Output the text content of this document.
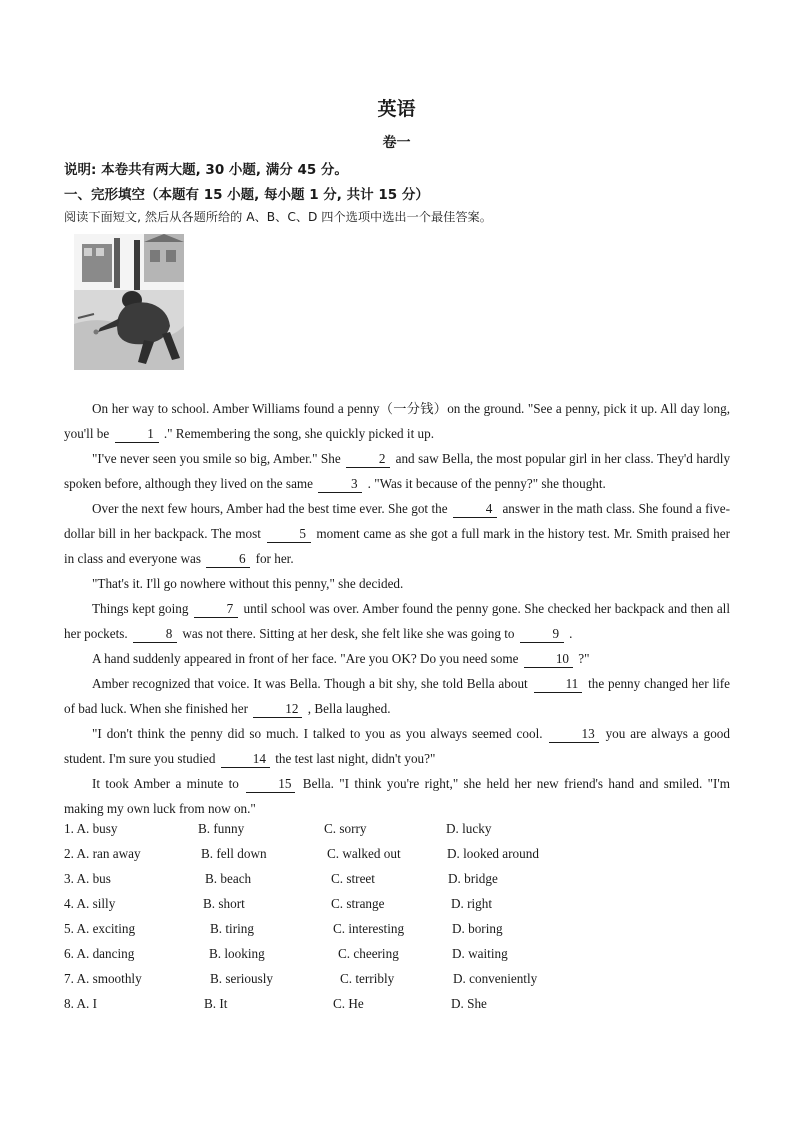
英语
卷一
说明: 本卷共有两大题, 30 小题, 满分 45 分。
一、完形填空（本题有 15 小题, 每小题 1 分, 共计 15 分）
阅读下面短文, 然后从各题所给的 A、B、C、D 四个选项中选出一个最佳答案。

On her way to school. Amber Williams found a penny（一分钱）on the ground. "See a penny, pick it up. All day long, you'll be	1 ." Remembering the song, she quickly picked it up.

"I've never seen you smile so big, Amber." She	2 and saw Bella, the most popular girl in her class. They'd hardly spoken before, although they lived on the same	3 . "Was it because of the penny?" she thought.

Over the next few hours, Amber had the best time ever. She got the	4 answer in the math class. She found a five-dollar bill in her backpack. The most	5 moment came as she got a full mark in the history test. Mr. Smith praised her in class and everyone was	6 for her.

"That's it. I'll go nowhere without this penny," she decided.

Things kept going	7 until school was over. Amber found the penny gone. She checked her backpack and then all her pockets.	8 was not there. Sitting at her desk, she felt like she was going to	9 .

A hand suddenly appeared in front of her face. "Are you OK? Do you need some	10 ?"

Amber recognized that voice. It was Bella. Though a bit shy, she told Bella about	11 the penny changed her life of bad luck. When she finished her	12 , Bella laughed.

"I don't think the penny did so much. I talked to you as you always seemed cool.	13 you are always a good student. I'm sure you studied	14 the test last night, didn't you?"

It took Amber a minute to	15 Bella. "I think you're right," she held her new friend's hand and smiled. "I'm making my own luck from now on."

1. A. busy	B. funny	C. sorry	D. lucky
2. A. ran away	B. fell down	C. walked out	D. looked around
3. A. bus	B. beach	C. street	D. bridge
4. A. silly	B. short	C. strange	D. right
5. A. exciting	B. tiring	C. interesting	D. boring
6. A. dancing	B. looking	C. cheering	D. waiting
7. A. smoothly	B. seriously	C. terribly	D. conveniently
8. A. I	B. It	C. He	D. She
